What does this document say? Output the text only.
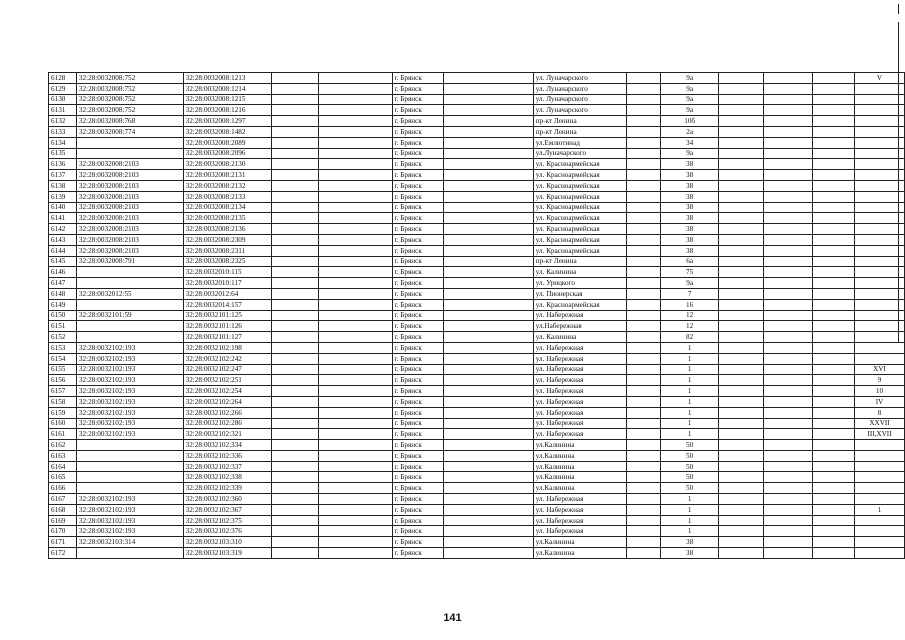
6128	32:28:0032008:752	32:28:0032008:1213			г. Брянск		ул. Луначарского		9а				V
6129	32:28:0032008:752	32:28:0032008:1214			г. Брянск		ул. Луначарского		9а				
6130	32:28:0032008:752	32:28:0032008:1215			г. Брянск		ул. Луначарского		9а				
6131	32:28:0032008:752	32:28:0032008:1216			г. Брянск		ул. Луначарского		9а				
6132	32:28:0032008:768	32:28:0032008:1297			г. Брянск		пр-кт Ленина		10б				
6133	32:28:0032008:774	32:28:0032008:1482			г. Брянск		пр-кт Ленина		2а				
6134		32:28:0032008:2089			г. Брянск		ул.Емлютинад		34				
6135		32:28:0032008:2096			г. Брянск		ул.Луначарского		9а				
6136	32:28:0032008:2103	32:28:0032008:2130			г. Брянск		ул. Красноармейская		38				
6137	32:28:0032008:2103	32:28:0032008:2131			г. Брянск		ул. Красноармейская		38				
6138	32:28:0032008:2103	32:28:0032008:2132			г. Брянск		ул. Красноармейская		38				
6139	32:28:0032008:2103	32:28:0032008:2133			г. Брянск		ул. Красноармейская		38				
6140	32:28:0032008:2103	32:28:0032008:2134			г. Брянск		ул. Красноармейская		38				
6141	32:28:0032008:2103	32:28:0032008:2135			г. Брянск		ул. Красноармейская		38				
6142	32:28:0032008:2103	32:28:0032008:2136			г. Брянск		ул. Красноармейская		38				
6143	32:28:0032008:2103	32:28:0032008:2309			г. Брянск		ул. Красноармейская		38				
6144	32:28:0032008:2103	32:28:0032008:2311			г. Брянск		ул. Красноармейская		38				
6145	32:28:0032008:791	32:28:0032008:2325			г. Брянск		пр-кт Ленина		6а				
6146		32:28:0032010:115			г. Брянск		ул. Калинина		75				
6147		32:28:0032010:117			г. Брянск		ул. Урицкого		9а				
6148	32:28:0032012:55	32:28:0032012:64			г. Брянск		ул. Пионерская		7				
6149		32:28:0032014:157			г. Брянск		ул. Красноармейская		16				
6150	32:28:0032101:59	32:28:0032101:125			г. Брянск		ул. Набережная		12				
6151		32:28:0032101:126			г. Брянск		ул.Набережная		12				
6152		32:28:0032101:127			г. Брянск		ул. Калинина		82				
6153	32:28:0032102:193	32:28:0032102:198			г. Брянск		ул. Набережная		1				
6154	32:28:0032102:193	32:28:0032102:242			г. Брянск		ул. Набережная		1				
6155	32:28:0032102:193	32:28:0032102:247			г. Брянск		ул. Набережная		1				XVI
6156	32:28:0032102:193	32:28:0032102:251			г. Брянск		ул. Набережная		1				9
6157	32:28:0032102:193	32:28:0032102:254			г. Брянск		ул. Набережная		1				10
6158	32:28:0032102:193	32:28:0032102:264			г. Брянск		ул. Набережная		1				IV
6159	32:28:0032102:193	32:28:0032102:266			г. Брянск		ул. Набережная		1				8
6160	32:28:0032102:193	32:28:0032102:286			г. Брянск		ул. Набережная		1				XXVII
6161	32:28:0032102:193	32:28:0032102:321			г. Брянск		ул. Набережная		1				III,XVII
6162		32:28:0032102:334			г. Брянск		ул.Калинина		50				
6163		32:28:0032102:336			г. Брянск		ул.Калинина		50				
6164		32:28:0032102:337			г. Брянск		ул.Калинина		50				
6165		32:28:0032102:338			г. Брянск		ул.Калинина		50				
6166		32:28:0032102:339			г. Брянск		ул.Калинина		50				
6167	32:28:0032102:193	32:28:0032102:360			г. Брянск		ул. Набережная		1				
6168	32:28:0032102:193	32:28:0032102:367			г. Брянск		ул. Набережная		1				1
6169	32:28:0032102:193	32:28:0032102:375			г. Брянск		ул. Набережная		1				
6170	32:28:0032102:193	32:28:0032102:376			г. Брянск		ул. Набережная		1				
6171	32:28:0032103:314	32:28:0032103:310			г. Брянск		ул.Калинина		38				
6172		32:28:0032103:319			г. Брянск		ул.Калинина		38				
141
